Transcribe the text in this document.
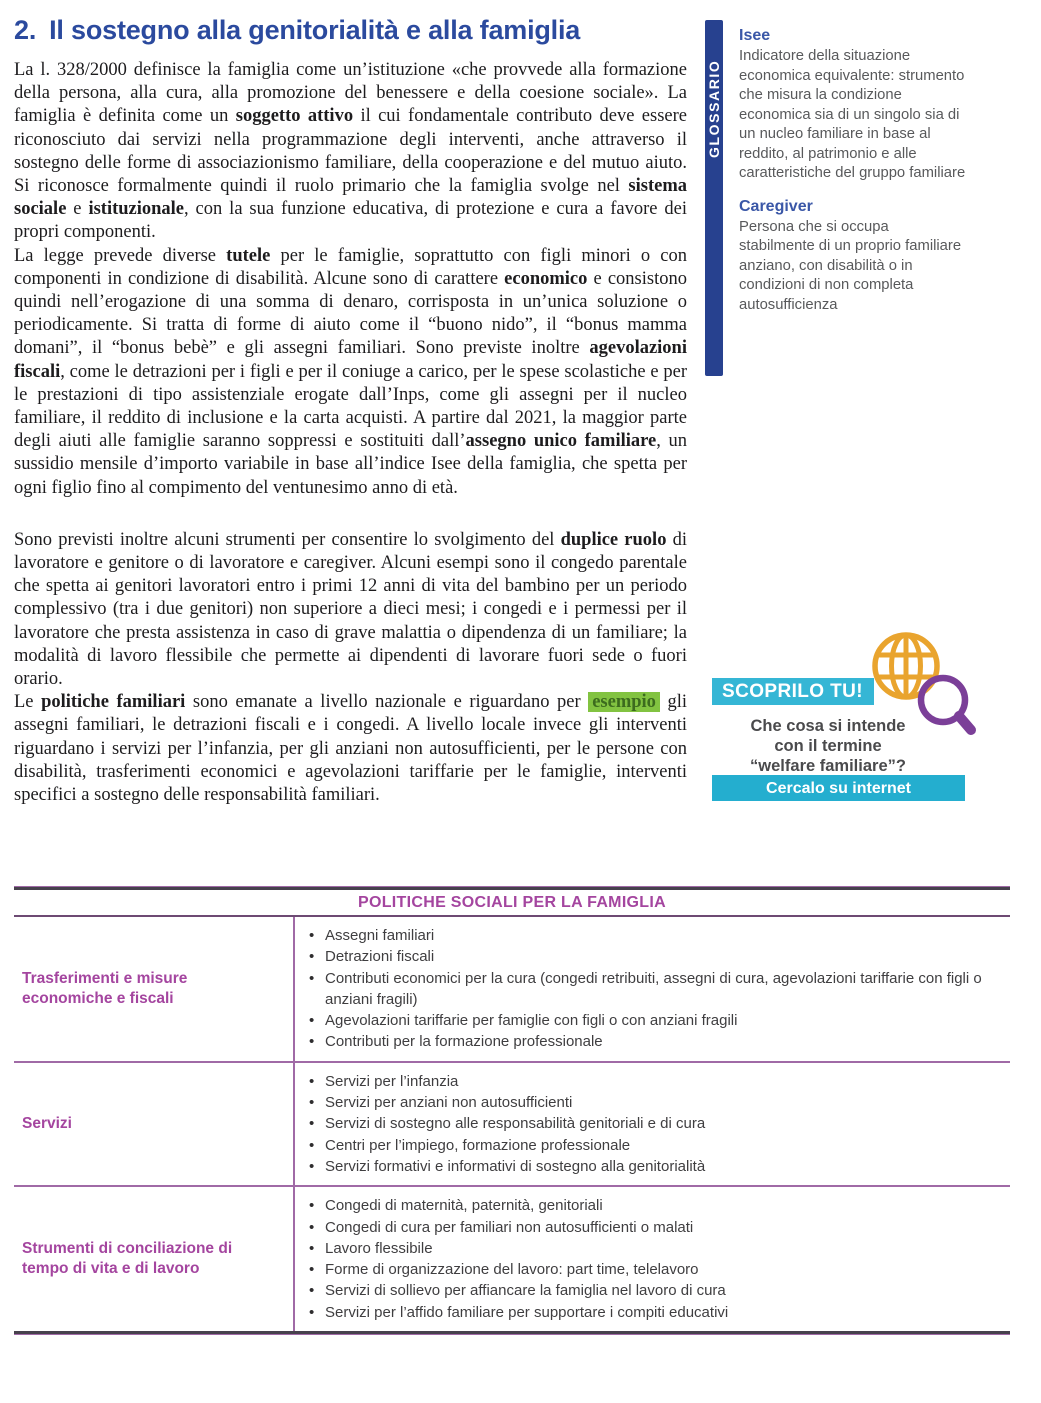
2. Il sostegno alla genitorialità e alla famiglia

La l. 328/2000 definisce la famiglia come un’istituzione «che provvede alla formazione della persona, alla cura, alla promozione del benessere e della coesione sociale». La famiglia è definita come un soggetto attivo il cui fondamentale contributo deve essere riconosciuto dai servizi nella programmazione degli interventi, anche attraverso il sostegno delle forme di associazionismo familiare, della cooperazione e del mutuo aiuto. Si riconosce formalmente quindi il ruolo primario che la famiglia svolge nel sistema sociale e istituzionale, con la sua funzione educativa, di protezione e cura a favore dei propri componenti.

La legge prevede diverse tutele per le famiglie, soprattutto con figli minori o con componenti in condizione di disabilità. Alcune sono di carattere economico e consistono quindi nell’erogazione di una somma di denaro, corrisposta in un’unica soluzione o periodicamente. Si tratta di forme di aiuto come il “buono nido”, il “bonus mamma domani”, il “bonus bebè” e gli assegni familiari. Sono previste inoltre agevolazioni fiscali, come le detrazioni per i figli e per il coniuge a carico, per le spese scolastiche e per le prestazioni di tipo assistenziale erogate dall’Inps, come gli assegni per il nucleo familiare, il reddito di inclusione e la carta acquisti. A partire dal 2021, la maggior parte degli aiuti alle famiglie saranno soppressi e sostituiti dall’assegno unico familiare, un sussidio mensile d’importo variabile in base all’indice Isee della famiglia, che spetta per ogni figlio fino al compimento del ventunesimo anno di età.

Sono previsti inoltre alcuni strumenti per consentire lo svolgimento del duplice ruolo di lavoratore e genitore o di lavoratore e caregiver. Alcuni esempi sono il congedo parentale che spetta ai genitori lavoratori entro i primi 12 anni di vita del bambino per un periodo complessivo (tra i due genitori) non superiore a dieci mesi; i congedi e i permessi per il lavoratore che presta assistenza in caso di grave malattia o dipendenza di un familiare; la modalità di lavoro flessibile che permette ai dipendenti di lavorare fuori sede o fuori orario.

Le politiche familiari sono emanate a livello nazionale e riguardano per esempio gli assegni familiari, le detrazioni fiscali e i congedi. A livello locale invece gli interventi riguardano i servizi per l’infanzia, per gli anziani non autosufficienti, per le persone con disabilità, trasferimenti economici e agevolazioni tariffarie per le famiglie, interventi specifici a sostegno delle responsabilità familiari.

GLOSSARIO
Isee
Indicatore della situazione economica equivalente: strumento che misura la condizione economica sia di un singolo sia di un nucleo familiare in base al reddito, al patrimonio e alle caratteristiche del gruppo familiare
Caregiver
Persona che si occupa stabilmente di un proprio familiare anziano, con disabilità o in condizioni di non completa autosufficienza
SCOPRILO TU!
Che cosa si intende
con il termine
“welfare familiare”?
Cercalo su internet
POLITICHE SOCIALI PER LA FAMIGLIA
Trasferimenti e misure economiche e fiscali
• Assegni familiari
• Detrazioni fiscali
• Contributi economici per la cura (congedi retribuiti, assegni di cura, agevolazioni tariffarie con figli o anziani fragili)
• Agevolazioni tariffarie per famiglie con figli o con anziani fragili
• Contributi per la formazione professionale
Servizi
• Servizi per l’infanzia
• Servizi per anziani non autosufficienti
• Servizi di sostegno alle responsabilità genitoriali e di cura
• Centri per l’impiego, formazione professionale
• Servizi formativi e informativi di sostegno alla genitorialità
Strumenti di conciliazione di tempo di vita e di lavoro
• Congedi di maternità, paternità, genitoriali
• Congedi di cura per familiari non autosufficienti o malati
• Lavoro flessibile
• Forme di organizzazione del lavoro: part time, telelavoro
• Servizi di sollievo per affiancare la famiglia nel lavoro di cura
• Servizi per l’affido familiare per supportare i compiti educativi
